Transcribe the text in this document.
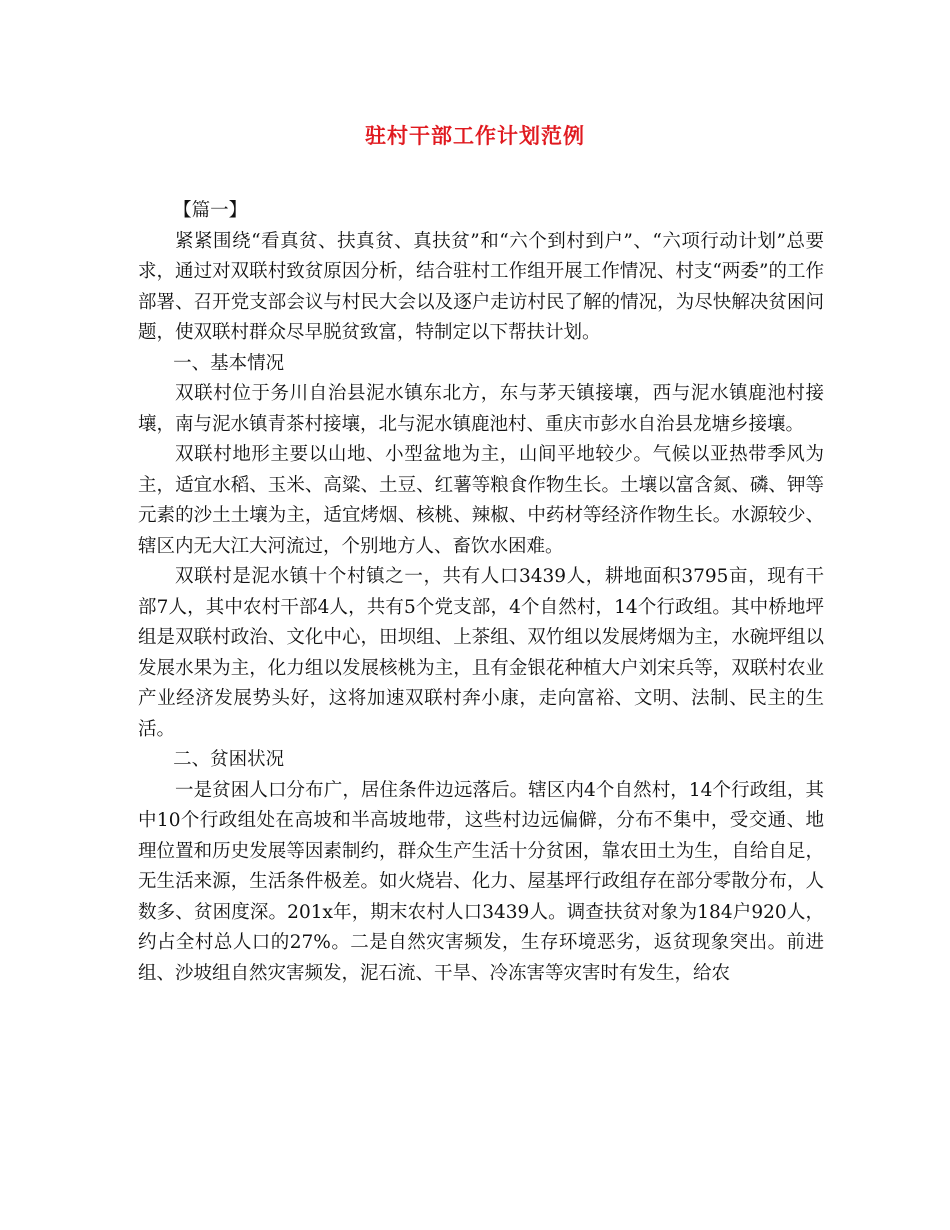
驻村干部工作计划范例

【篇一】

紧紧围绕“看真贫、扶真贫、真扶贫”和“六个到村到户”、“六项行动计划”总要求，通过对双联村致贫原因分析，结合驻村工作组开展工作情况、村支“两委”的工作部署、召开党支部会议与村民大会以及逐户走访村民了解的情况，为尽快解决贫困问题，使双联村群众尽早脱贫致富，特制定以下帮扶计划。

一、基本情况

双联村位于务川自治县泥水镇东北方，东与茅天镇接壤，西与泥水镇鹿池村接壤，南与泥水镇青茶村接壤，北与泥水镇鹿池村、重庆市彭水自治县龙塘乡接壤。

双联村地形主要以山地、小型盆地为主，山间平地较少。气候以亚热带季风为主，适宜水稻、玉米、高粱、土豆、红薯等粮食作物生长。土壤以富含氮、磷、钾等元素的沙土土壤为主，适宜烤烟、核桃、辣椒、中药材等经济作物生长。水源较少、辖区内无大江大河流过，个别地方人、畜饮水困难。

双联村是泥水镇十个村镇之一，共有人口3439人，耕地面积3795亩，现有干部7人，其中农村干部4人，共有5个党支部，4个自然村，14个行政组。其中桥地坪组是双联村政治、文化中心，田坝组、上茶组、双竹组以发展烤烟为主，水碗坪组以发展水果为主，化力组以发展核桃为主，且有金银花种植大户刘宋兵等，双联村农业产业经济发展势头好，这将加速双联村奔小康，走向富裕、文明、法制、民主的生活。

二、贫困状况

一是贫困人口分布广，居住条件边远落后。辖区内4个自然村，14个行政组，其中10个行政组处在高坡和半高坡地带，这些村边远偏僻，分布不集中，受交通、地理位置和历史发展等因素制约，群众生产生活十分贫困，靠农田土为生，自给自足，无生活来源，生活条件极差。如火烧岩、化力、屋基坪行政组存在部分零散分布，人数多、贫困度深。201x年，期末农村人口3439人。调查扶贫对象为184户920人，约占全村总人口的27%。二是自然灾害频发，生存环境恶劣，返贫现象突出。前进组、沙坡组自然灾害频发，泥石流、干旱、冷冻害等灾害时有发生，给农
